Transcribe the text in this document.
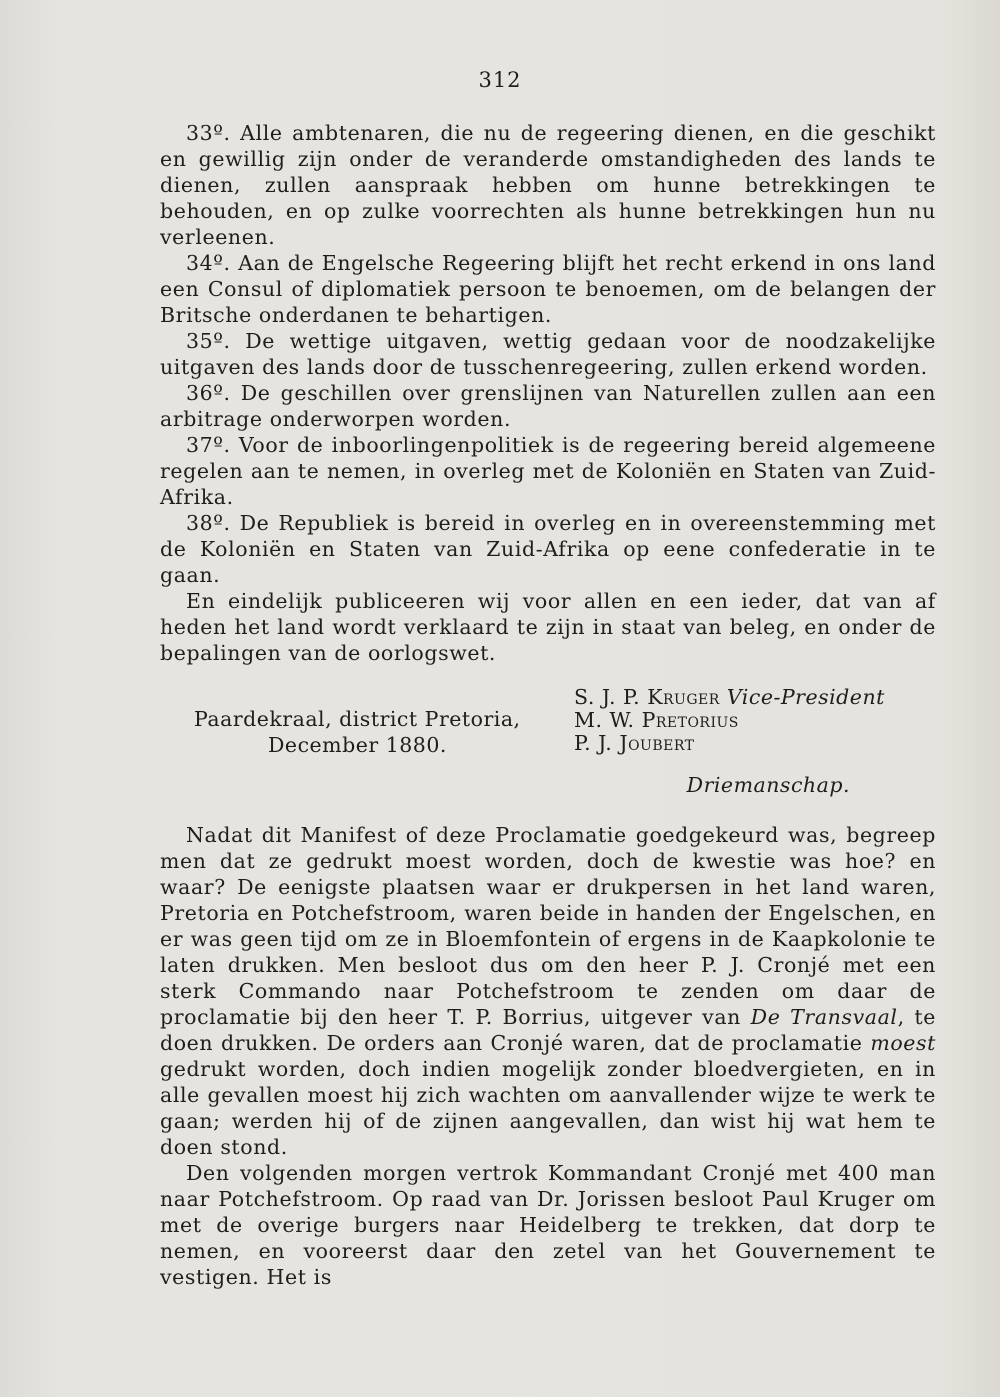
312

33º. Alle ambtenaren, die nu de regeering dienen, en die geschikt en gewillig zijn onder de veranderde omstandigheden des lands te dienen, zullen aanspraak hebben om hunne betrekkingen te behouden, en op zulke voorrechten als hunne betrekkingen hun nu verleenen.

34º. Aan de Engelsche Regeering blijft het recht erkend in ons land een Consul of diplomatiek persoon te benoemen, om de belangen der Britsche onderdanen te behartigen.

35º. De wettige uitgaven, wettig gedaan voor de noodzakelijke uitgaven des lands door de tusschenregeering, zullen erkend worden.

36º. De geschillen over grenslijnen van Naturellen zullen aan een arbitrage onderworpen worden.

37º. Voor de inboorlingenpolitiek is de regeering bereid algemeene regelen aan te nemen, in overleg met de Koloniën en Staten van Zuid-Afrika.

38º. De Republiek is bereid in overleg en in overeenstemming met de Koloniën en Staten van Zuid-Afrika op eene confederatie in te gaan.

En eindelijk publiceeren wij voor allen en een ieder, dat van af heden het land wordt verklaard te zijn in staat van beleg, en onder de bepalingen van de oorlogswet.

Paardekraal, district Pretoria,
December 1880.
S. J. P. Kruger Vice-President
M. W. Pretorius
P. J. Joubert
Driemanschap.

Nadat dit Manifest of deze Proclamatie goedgekeurd was, begreep men dat ze gedrukt moest worden, doch de kwestie was hoe? en waar? De eenigste plaatsen waar er drukpersen in het land waren, Pretoria en Potchefstroom, waren beide in handen der Engelschen, en er was geen tijd om ze in Bloemfontein of ergens in de Kaapkolonie te laten drukken. Men besloot dus om den heer P. J. Cronjé met een sterk Commando naar Potchefstroom te zenden om daar de proclamatie bij den heer T. P. Borrius, uitgever van De Transvaal, te doen drukken. De orders aan Cronjé waren, dat de proclamatie moest gedrukt worden, doch indien mogelijk zonder bloedvergieten, en in alle gevallen moest hij zich wachten om aanvallender wijze te werk te gaan; werden hij of de zijnen aangevallen, dan wist hij wat hem te doen stond.

Den volgenden morgen vertrok Kommandant Cronjé met 400 man naar Potchefstroom. Op raad van Dr. Jorissen besloot Paul Kruger om met de overige burgers naar Heidelberg te trekken, dat dorp te nemen, en vooreerst daar den zetel van het Gouvernement te vestigen. Het is
